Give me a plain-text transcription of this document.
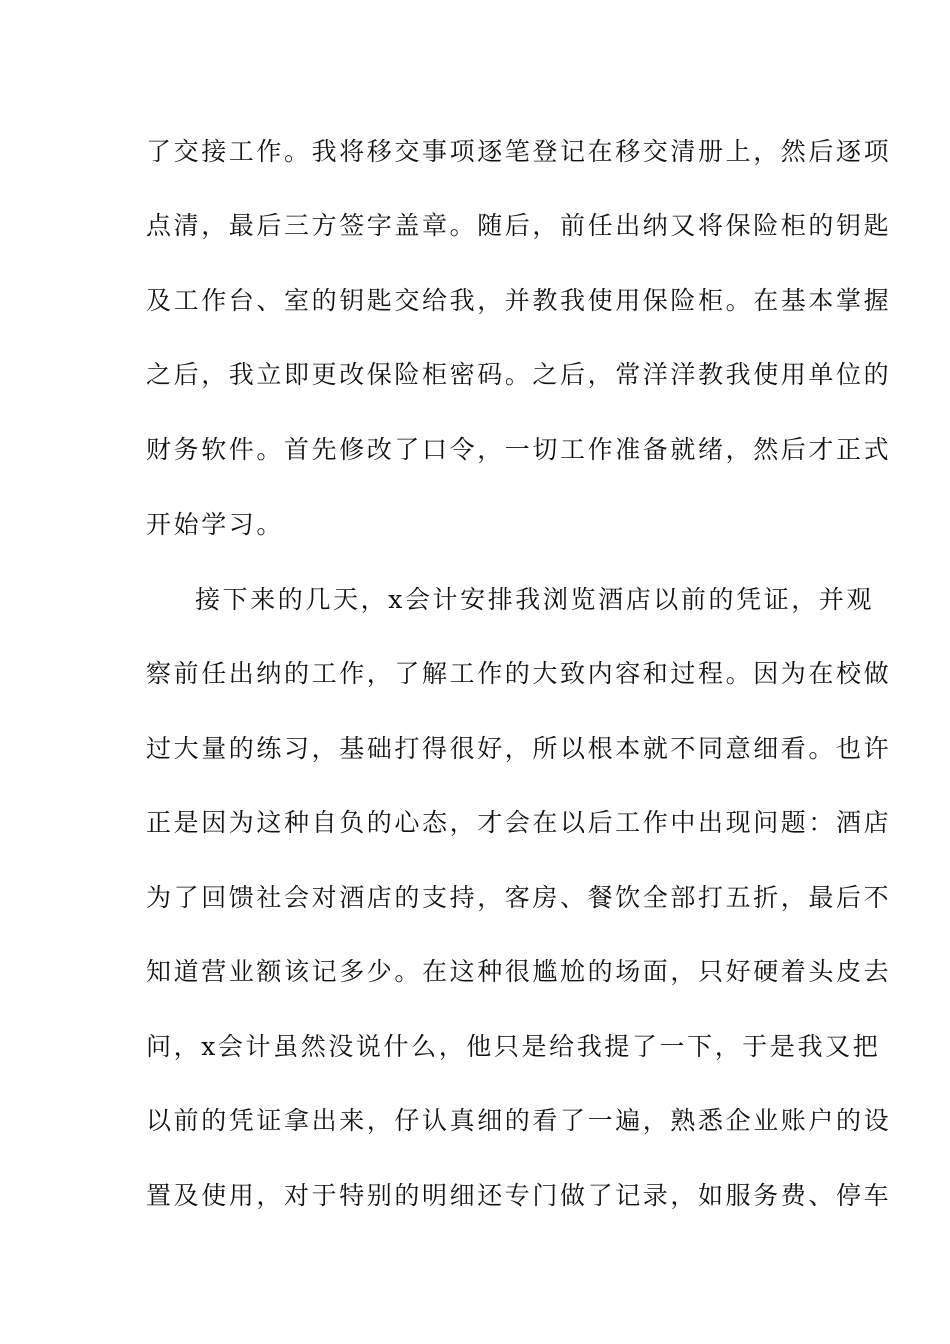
了交接工作。我将移交事项逐笔登记在移交清册上，然后逐项
点清，最后三方签字盖章。随后，前任出纳又将保险柜的钥匙
及工作台、室的钥匙交给我，并教我使用保险柜。在基本掌握
之后，我立即更改保险柜密码。之后，常洋洋教我使用单位的
财务软件。首先修改了口令，一切工作准备就绪，然后才正式
开始学习。
接下来的几天，x会计安排我浏览酒店以前的凭证，并观
察前任出纳的工作，了解工作的大致内容和过程。因为在校做
过大量的练习，基础打得很好，所以根本就不同意细看。也许
正是因为这种自负的心态，才会在以后工作中出现问题：酒店
为了回馈社会对酒店的支持，客房、餐饮全部打五折，最后不
知道营业额该记多少。在这种很尴尬的场面，只好硬着头皮去
问，x会计虽然没说什么，他只是给我提了一下，于是我又把
以前的凭证拿出来，仔认真细的看了一遍，熟悉企业账户的设
置及使用，对于特别的明细还专门做了记录，如服务费、停车
